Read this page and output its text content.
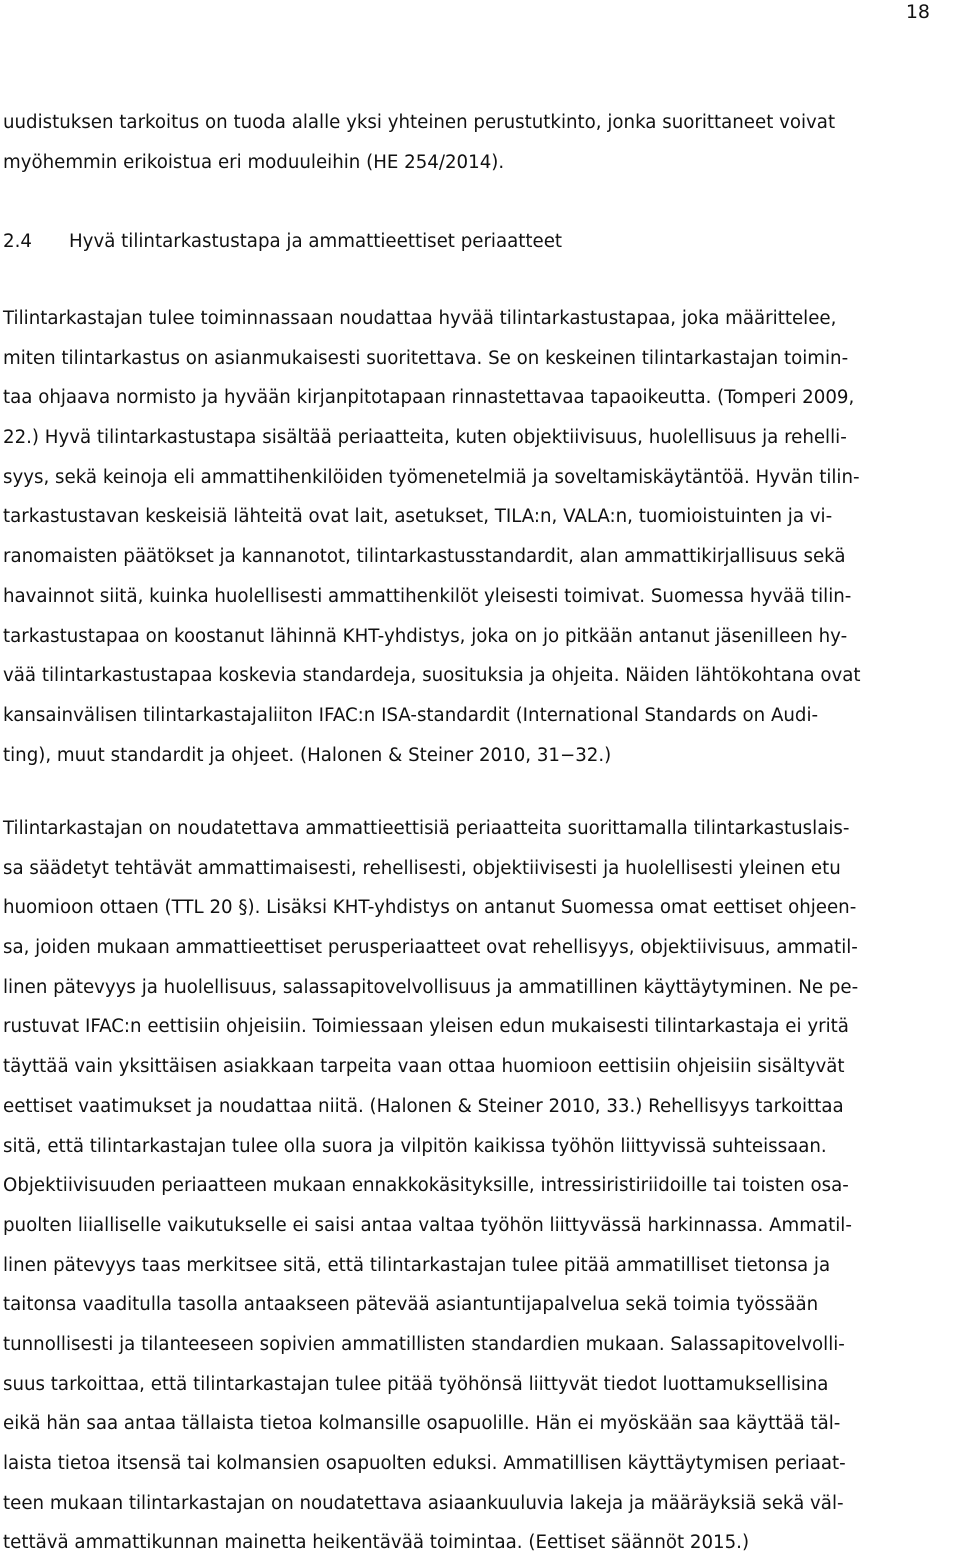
18
uudistuksen tarkoitus on tuoda alalle yksi yhteinen perustutkinto, jonka suorittaneet voivat
myöhemmin erikoistua eri moduuleihin (HE 254/2014).
2.4 Hyvä tilintarkastustapa ja ammattieettiset periaatteet
Tilintarkastajan tulee toiminnassaan noudattaa hyvää tilintarkastustapaa, joka määrittelee,
miten tilintarkastus on asianmukaisesti suoritettava. Se on keskeinen tilintarkastajan toimin-
taa ohjaava normisto ja hyvään kirjanpitotapaan rinnastettavaa tapaoikeutta. (Tomperi 2009,
22.) Hyvä tilintarkastustapa sisältää periaatteita, kuten objektiivisuus, huolellisuus ja rehelli-
syys, sekä keinoja eli ammattihenkilöiden työmenetelmiä ja soveltamiskäytäntöä. Hyvän tilin-
tarkastustavan keskeisiä lähteitä ovat lait, asetukset, TILA:n, VALA:n, tuomioistuinten ja vi-
ranomaisten päätökset ja kannanotot, tilintarkastusstandardit, alan ammattikirjallisuus sekä
havainnot siitä, kuinka huolellisesti ammattihenkilöt yleisesti toimivat. Suomessa hyvää tilin-
tarkastustapaa on koostanut lähinnä KHT-yhdistys, joka on jo pitkään antanut jäsenilleen hy-
vää tilintarkastustapaa koskevia standardeja, suosituksia ja ohjeita. Näiden lähtökohtana ovat
kansainvälisen tilintarkastajaliiton IFAC:n ISA-standardit (International Standards on Audi-
ting), muut standardit ja ohjeet. (Halonen & Steiner 2010, 31−32.)
Tilintarkastajan on noudatettava ammattieettisiä periaatteita suorittamalla tilintarkastuslais-
sa säädetyt tehtävät ammattimaisesti, rehellisesti, objektiivisesti ja huolellisesti yleinen etu
huomioon ottaen (TTL 20 §). Lisäksi KHT-yhdistys on antanut Suomessa omat eettiset ohjeen-
sa, joiden mukaan ammattieettiset perusperiaatteet ovat rehellisyys, objektiivisuus, ammatil-
linen pätevyys ja huolellisuus, salassapitovelvollisuus ja ammatillinen käyttäytyminen. Ne pe-
rustuvat IFAC:n eettisiin ohjeisiin. Toimiessaan yleisen edun mukaisesti tilintarkastaja ei yritä
täyttää vain yksittäisen asiakkaan tarpeita vaan ottaa huomioon eettisiin ohjeisiin sisältyvät
eettiset vaatimukset ja noudattaa niitä. (Halonen & Steiner 2010, 33.) Rehellisyys tarkoittaa
sitä, että tilintarkastajan tulee olla suora ja vilpitön kaikissa työhön liittyvissä suhteissaan.
Objektiivisuuden periaatteen mukaan ennakkokäsityksille, intressiristiriidoille tai toisten osa-
puolten liialliselle vaikutukselle ei saisi antaa valtaa työhön liittyvässä harkinnassa. Ammatil-
linen pätevyys taas merkitsee sitä, että tilintarkastajan tulee pitää ammatilliset tietonsa ja
taitonsa vaaditulla tasolla antaakseen pätevää asiantuntijapalvelua sekä toimia työssään
tunnollisesti ja tilanteeseen sopivien ammatillisten standardien mukaan. Salassapitovelvolli-
suus tarkoittaa, että tilintarkastajan tulee pitää työhönsä liittyvät tiedot luottamuksellisina
eikä hän saa antaa tällaista tietoa kolmansille osapuolille. Hän ei myöskään saa käyttää täl-
laista tietoa itsensä tai kolmansien osapuolten eduksi. Ammatillisen käyttäytymisen periaat-
teen mukaan tilintarkastajan on noudatettava asiaankuuluvia lakeja ja määräyksiä sekä väl-
tettävä ammattikunnan mainetta heikentävää toimintaa. (Eettiset säännöt 2015.)
